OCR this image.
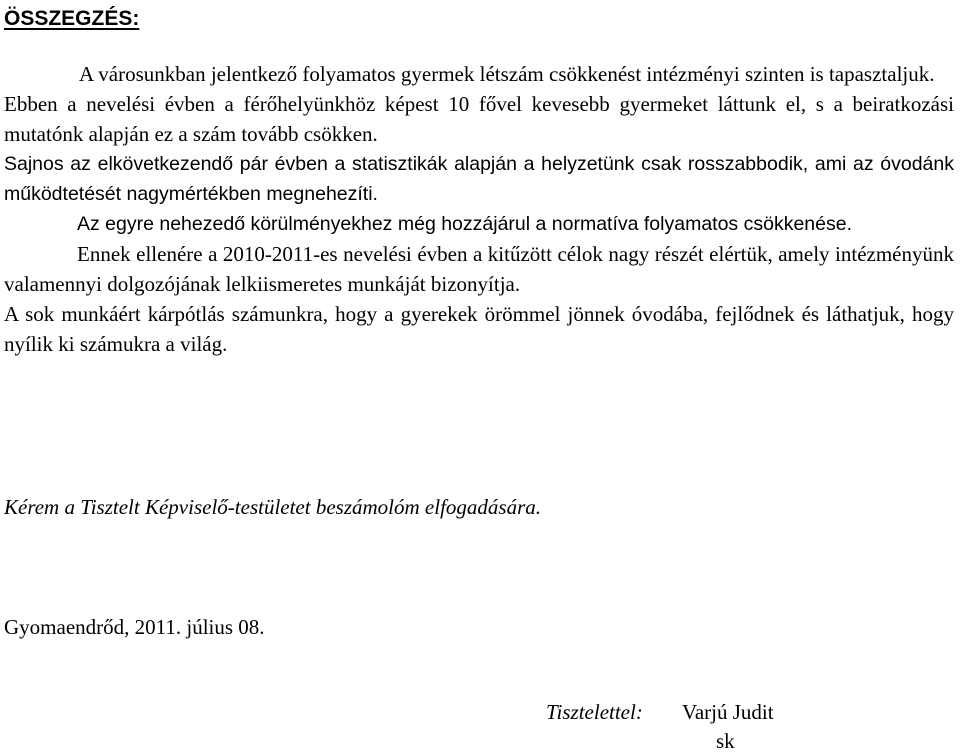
ÖSSZEGZÉS:

A városunkban jelentkező folyamatos gyermek létszám csökkenést intézményi szinten is tapasztaljuk.

Ebben a nevelési évben a férőhelyünkhöz képest 10 fővel kevesebb gyermeket láttunk el, s a beiratkozási mutatónk alapján ez a szám tovább csökken.

Sajnos az elkövetkezendő pár évben a statisztikák alapján a helyzetünk csak rosszabbodik, ami az óvodánk működtetését nagymértékben megnehezíti.

Az egyre nehezedő körülményekhez még hozzájárul a normatíva folyamatos csökkenése.

Ennek ellenére a 2010-2011-es nevelési évben a kitűzött célok nagy részét elértük, amely intézményünk valamennyi dolgozójának lelkiismeretes munkáját bizonyítja.

A sok munkáért kárpótlás számunkra, hogy a gyerekek örömmel jönnek óvodába, fejlődnek és láthatjuk, hogy nyílik ki számukra a világ.

Kérem a Tisztelt Képviselő-testületet beszámolóm elfogadására.
Gyomaendrőd, 2011. július 08.
Tisztelettel: Varjú Judit
sk
